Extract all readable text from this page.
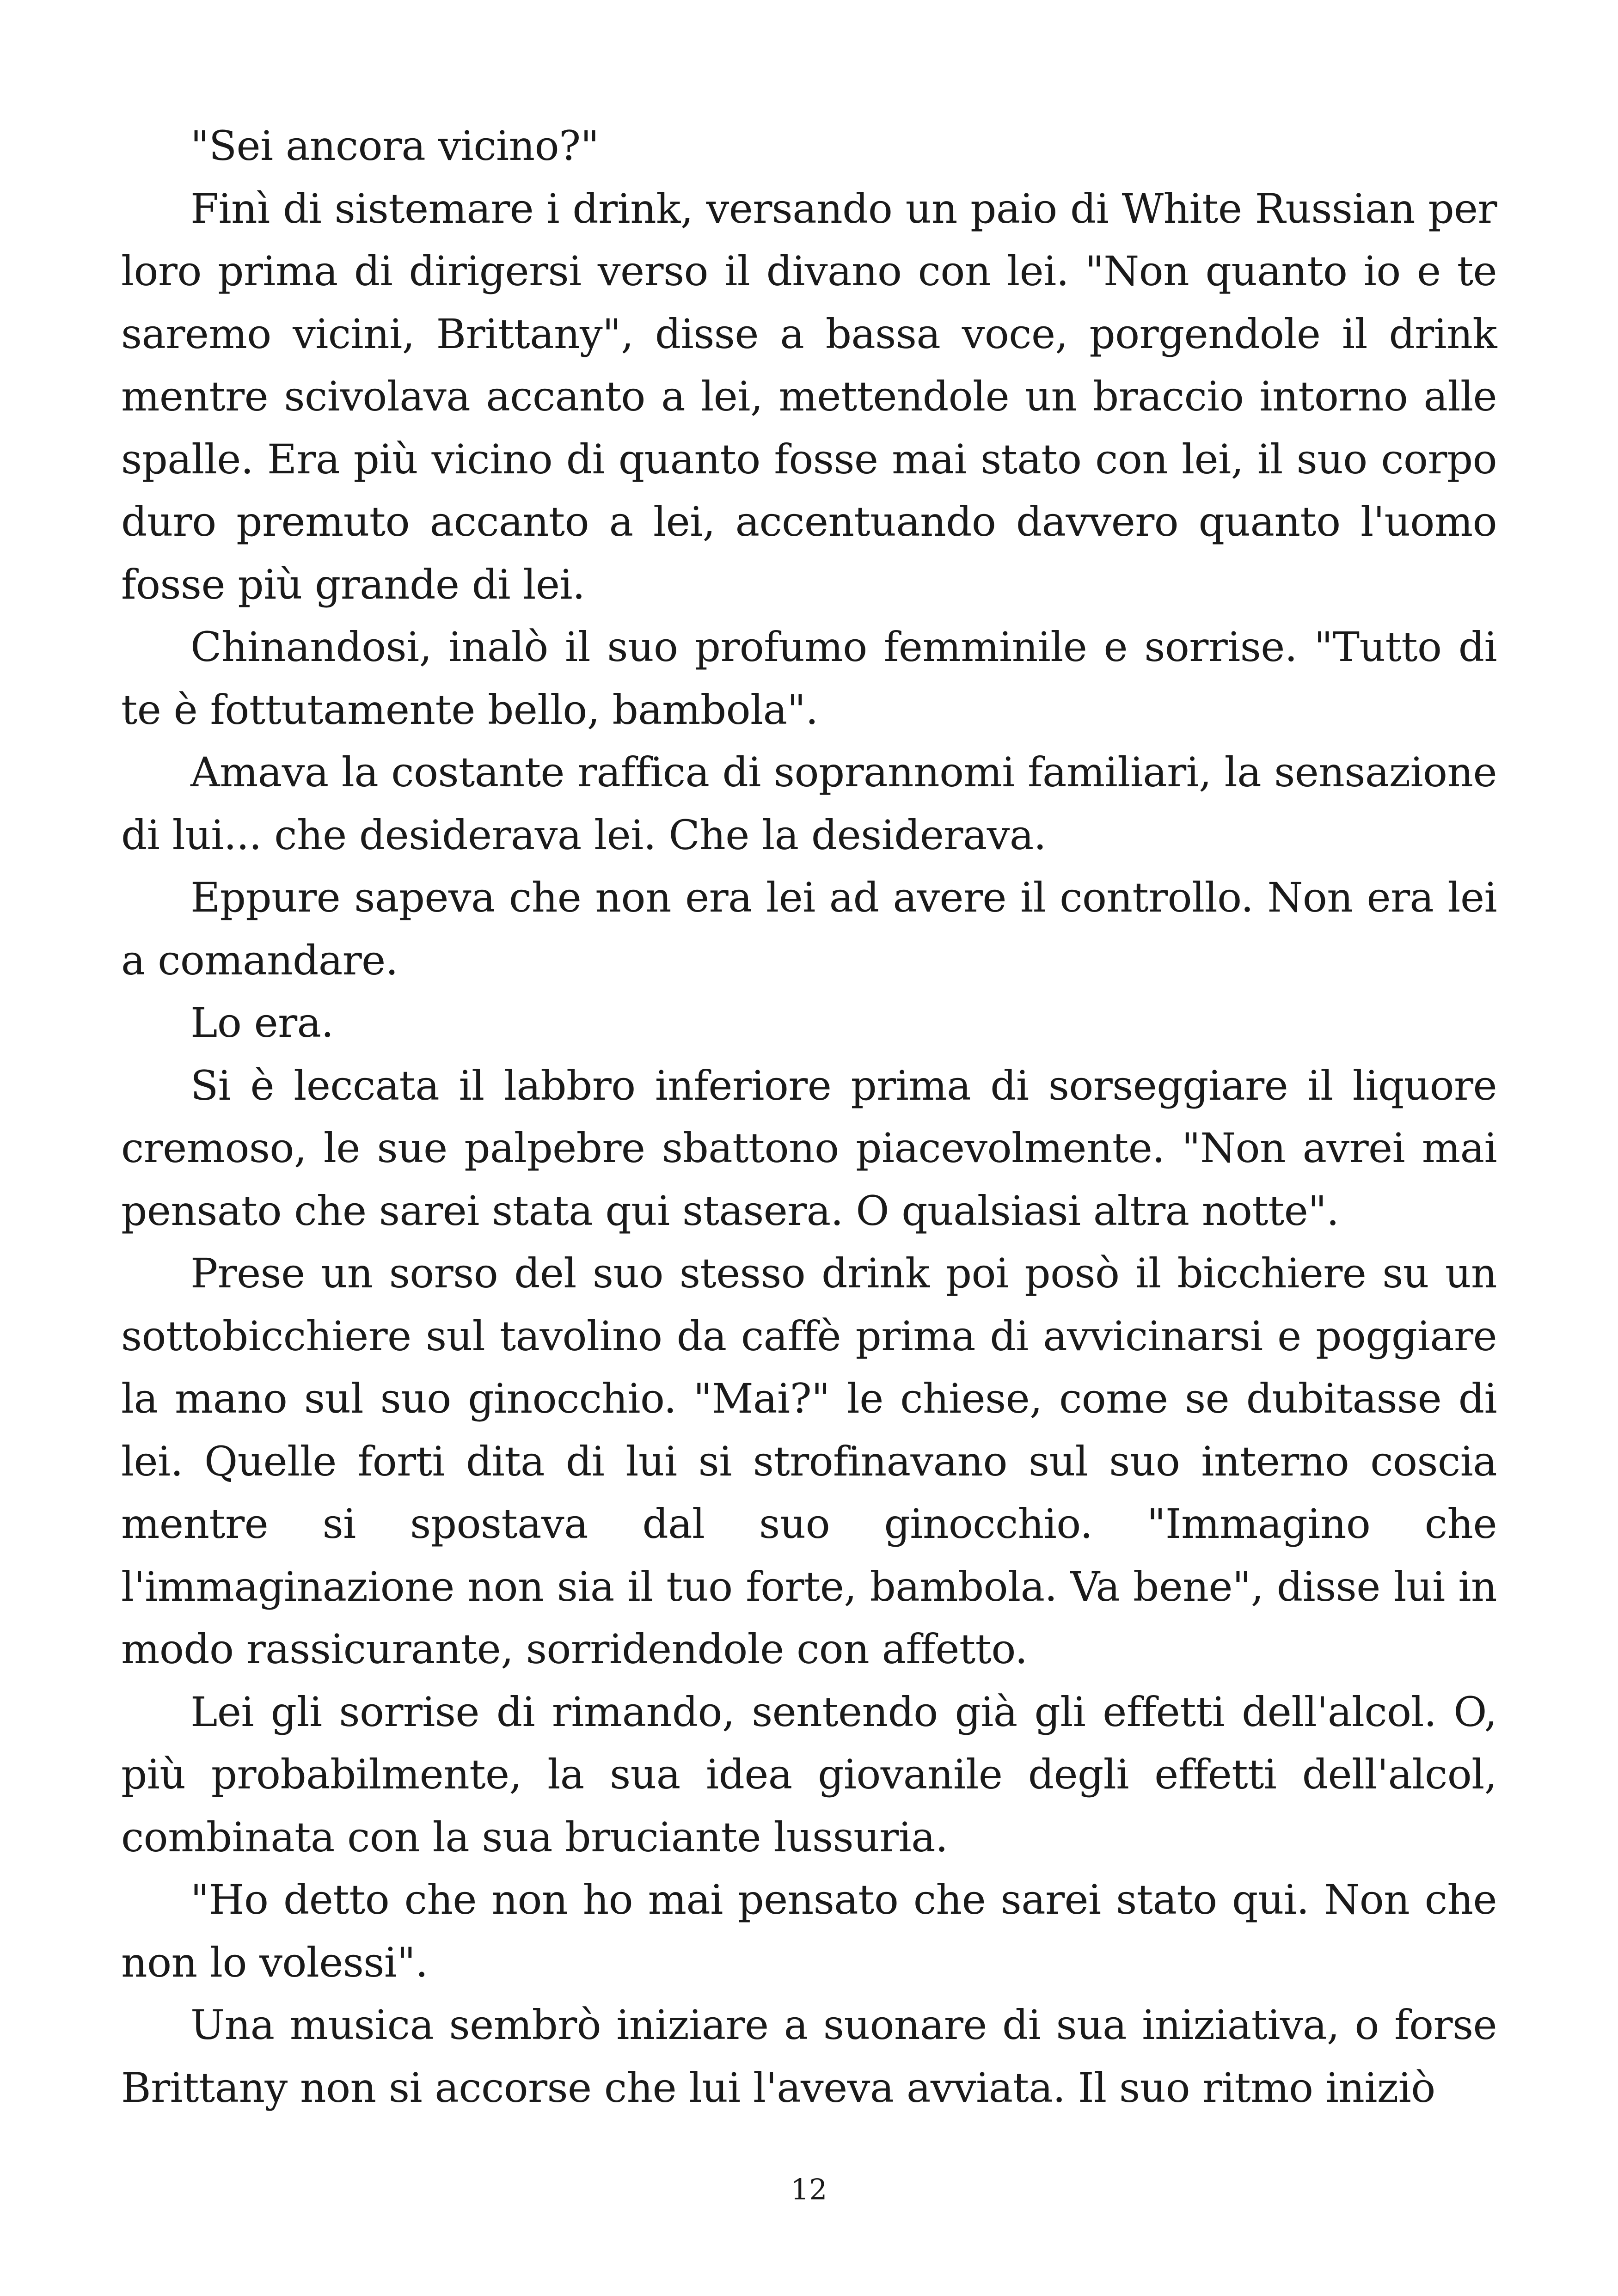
"Sei ancora vicino?"

Finì di sistemare i drink, versando un paio di White Russian per loro prima di dirigersi verso il divano con lei. "Non quanto io e te saremo vicini, Brittany", disse a bassa voce, porgendole il drink mentre scivolava accanto a lei, mettendole un braccio intorno alle spalle. Era più vicino di quanto fosse mai stato con lei, il suo corpo duro premuto accanto a lei, accentuando davvero quanto l'uomo fosse più grande di lei.

Chinandosi, inalò il suo profumo femminile e sorrise. "Tutto di te è fottutamente bello, bambola".

Amava la costante raffica di soprannomi familiari, la sensazione di lui... che desiderava lei. Che la desiderava.

Eppure sapeva che non era lei ad avere il controllo. Non era lei a comandare.

Lo era.

Si è leccata il labbro inferiore prima di sorseggiare il liquore cremoso, le sue palpebre sbattono piacevolmente. "Non avrei mai pensato che sarei stata qui stasera. O qualsiasi altra notte".

Prese un sorso del suo stesso drink poi posò il bicchiere su un sottobicchiere sul tavolino da caffè prima di avvicinarsi e poggiare la mano sul suo ginocchio. "Mai?" le chiese, come se dubitasse di lei. Quelle forti dita di lui si strofinavano sul suo interno coscia mentre si spostava dal suo ginocchio. "Immagino che l'immaginazione non sia il tuo forte, bambola. Va bene", disse lui in modo rassicurante, sorridendole con affetto.

Lei gli sorrise di rimando, sentendo già gli effetti dell'alcol. O, più probabilmente, la sua idea giovanile degli effetti dell'alcol, combinata con la sua bruciante lussuria.

"Ho detto che non ho mai pensato che sarei stato qui. Non che non lo volessi".

Una musica sembrò iniziare a suonare di sua iniziativa, o forse Brittany non si accorse che lui l'aveva avviata. Il suo ritmo iniziò

12
